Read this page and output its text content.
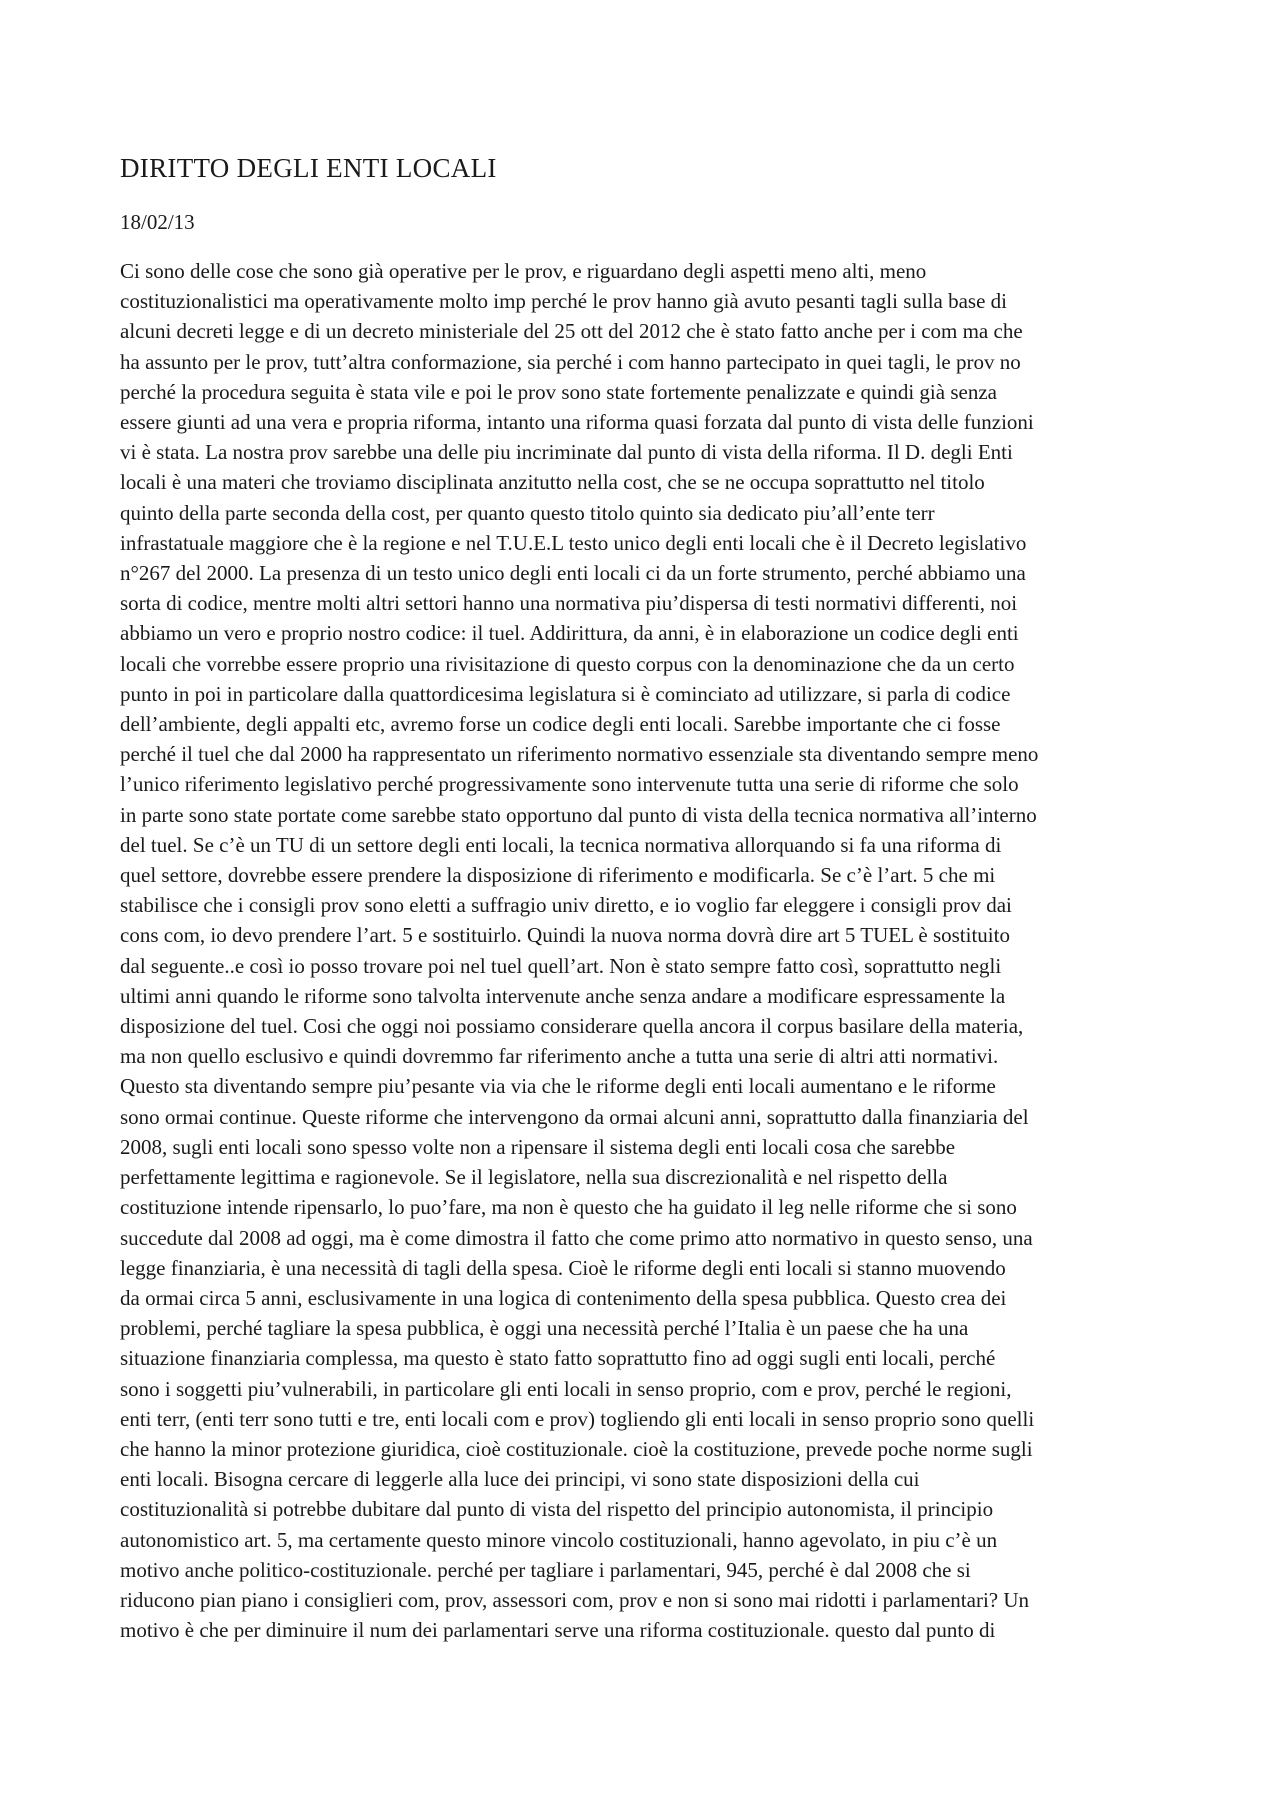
DIRITTO DEGLI ENTI LOCALI
18/02/13
Ci sono delle cose che sono già operative per le prov, e riguardano degli aspetti meno alti, meno
costituzionalistici ma operativamente molto imp perché le prov hanno già avuto pesanti tagli sulla base di
alcuni decreti legge e di un decreto ministeriale del 25 ott del 2012 che è stato fatto anche per i com ma che
ha assunto per le prov, tutt’altra conformazione, sia perché i com hanno partecipato in quei tagli, le prov no
perché la procedura seguita è stata vile e poi le prov sono state fortemente penalizzate e quindi già senza
essere giunti ad una vera e propria riforma, intanto una riforma quasi forzata dal punto di vista delle funzioni
vi è stata. La nostra prov sarebbe una delle piu incriminate dal punto di vista della riforma. Il D. degli Enti
locali è una materi che troviamo disciplinata anzitutto nella cost, che se ne occupa soprattutto nel titolo
quinto della parte seconda della cost, per quanto questo titolo quinto sia dedicato piu’all’ente terr
infrastatuale maggiore che è la regione e nel T.U.E.L testo unico degli enti locali che è il Decreto legislativo
n°267 del 2000. La presenza di un testo unico degli enti locali ci da un forte strumento, perché abbiamo una
sorta di codice, mentre molti altri settori hanno una normativa piu’dispersa di testi normativi differenti, noi
abbiamo un vero e proprio nostro codice: il tuel. Addirittura, da anni, è in elaborazione un codice degli enti
locali che vorrebbe essere proprio una rivisitazione di questo corpus con la denominazione che da un certo
punto in poi in particolare dalla quattordicesima legislatura si è cominciato ad utilizzare, si parla di codice
dell’ambiente, degli appalti etc, avremo forse un codice degli enti locali. Sarebbe importante che ci fosse
perché il tuel che dal 2000 ha rappresentato un riferimento normativo essenziale sta diventando sempre meno
l’unico riferimento legislativo perché progressivamente sono intervenute tutta una serie di riforme che solo
in parte sono state portate come sarebbe stato opportuno dal punto di vista della tecnica normativa all’interno
del tuel. Se c’è un TU di un settore degli enti locali, la tecnica normativa allorquando si fa una riforma di
quel settore, dovrebbe essere prendere la disposizione di riferimento e modificarla. Se c’è l’art. 5 che mi
stabilisce che i consigli prov sono eletti a suffragio univ diretto, e io voglio far eleggere i consigli prov dai
cons com, io devo prendere l’art. 5 e sostituirlo. Quindi la nuova norma dovrà dire art 5 TUEL è sostituito
dal seguente..e così io posso trovare poi nel tuel quell’art. Non è stato sempre fatto così, soprattutto negli
ultimi anni quando le riforme sono talvolta intervenute anche senza andare a modificare espressamente la
disposizione del tuel. Cosi che oggi noi possiamo considerare quella ancora il corpus basilare della materia,
ma non quello esclusivo e quindi dovremmo far riferimento anche a tutta una serie di altri atti normativi.
Questo sta diventando sempre piu’pesante via via che le riforme degli enti locali aumentano e le riforme
sono ormai continue. Queste riforme che intervengono da ormai alcuni anni, soprattutto dalla finanziaria del
2008, sugli enti locali sono spesso volte non a ripensare il sistema degli enti locali cosa che sarebbe
perfettamente legittima e ragionevole. Se il legislatore, nella sua discrezionalità e nel rispetto della
costituzione intende ripensarlo, lo puo’fare, ma non è questo che ha guidato il leg nelle riforme che si sono
succedute dal 2008 ad oggi, ma è come dimostra il fatto che come primo atto normativo in questo senso, una
legge finanziaria, è una necessità di tagli della spesa. Cioè le riforme degli enti locali si stanno muovendo
da ormai circa 5 anni, esclusivamente in una logica di contenimento della spesa pubblica. Questo crea dei
problemi, perché tagliare la spesa pubblica, è oggi una necessità perché l’Italia è un paese che ha una
situazione finanziaria complessa, ma questo è stato fatto soprattutto fino ad oggi sugli enti locali, perché
sono i soggetti piu’vulnerabili, in particolare gli enti locali in senso proprio, com e prov, perché le regioni,
enti terr, (enti terr sono tutti e tre, enti locali com e prov) togliendo gli enti locali in senso proprio sono quelli
che hanno la minor protezione giuridica, cioè costituzionale. cioè la costituzione, prevede poche norme sugli
enti locali. Bisogna cercare di leggerle alla luce dei principi, vi sono state disposizioni della cui
costituzionalità si potrebbe dubitare dal punto di vista del rispetto del principio autonomista, il principio
autonomistico art. 5, ma certamente questo minore vincolo costituzionali, hanno agevolato, in piu c’è un
motivo anche politico-costituzionale. perché per tagliare i parlamentari, 945, perché è dal 2008 che si
riducono pian piano i consiglieri com, prov, assessori com, prov e non si sono mai ridotti i parlamentari? Un
motivo è che per diminuire il num dei parlamentari serve una riforma costituzionale. questo dal punto di
